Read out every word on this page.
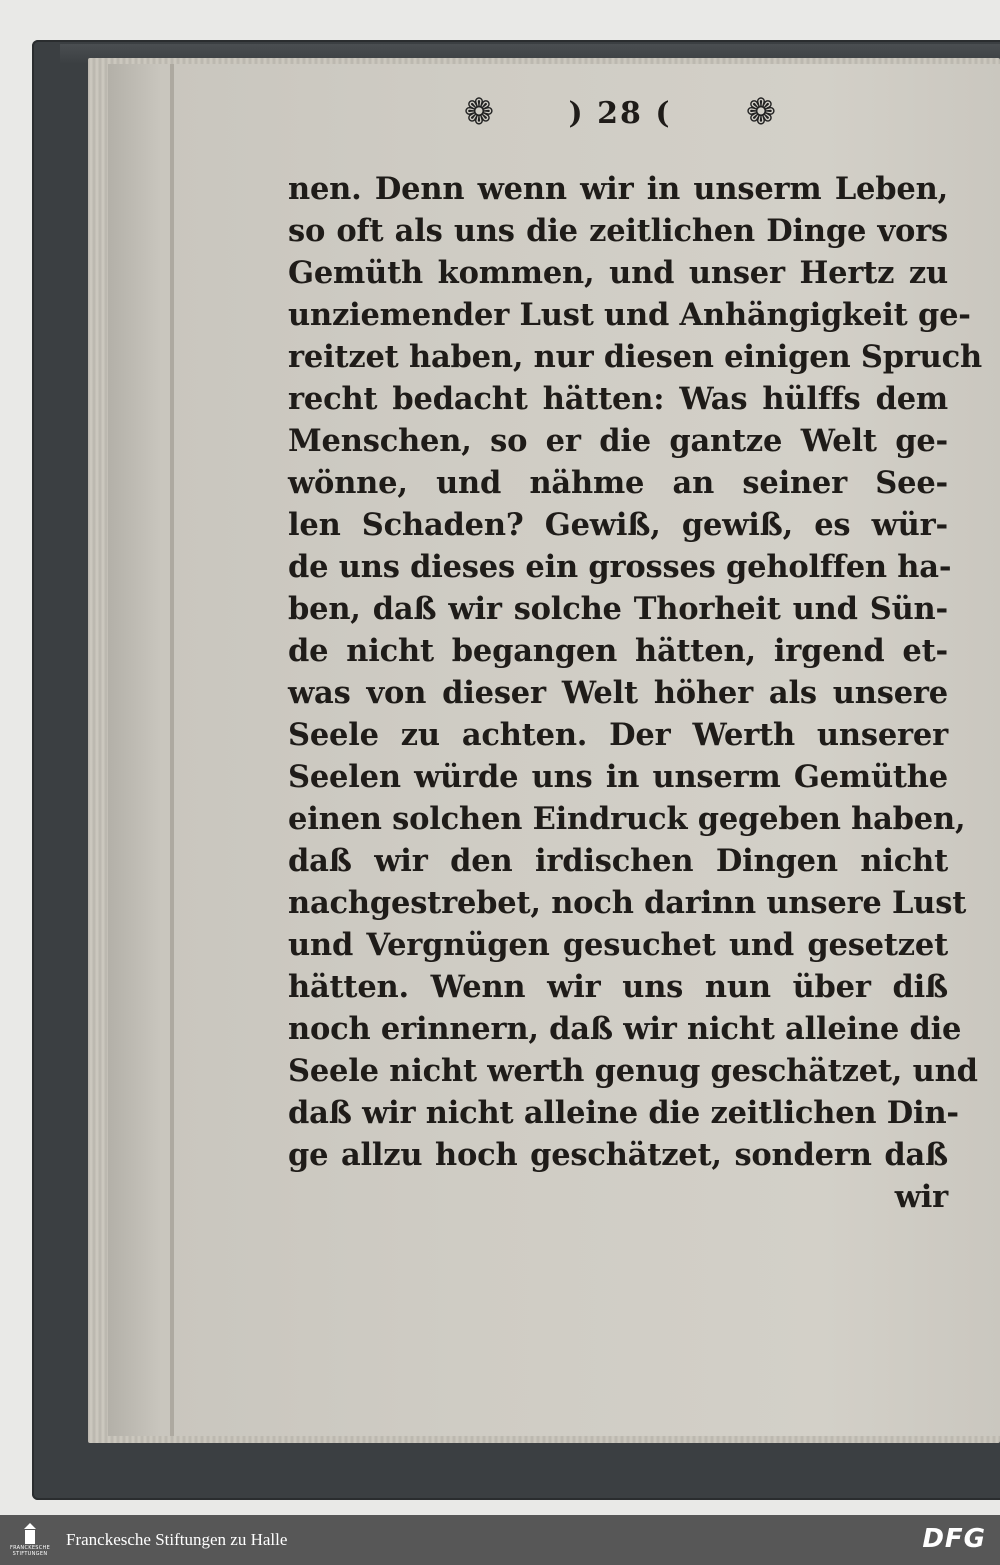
❁ ) 28 ( ❁
nen. Denn wenn wir in unserm Leben,
so oft als uns die zeitlichen Dinge vors
Gemüth kommen, und unser Hertz zu
unziemender Lust und Anhängigkeit ge-
reitzet haben, nur diesen einigen Spruch
recht bedacht hätten: Was hülffs dem
Menschen, so er die gantze Welt ge-
wönne, und nähme an seiner See-
len Schaden? Gewiß, gewiß, es wür-
de uns dieses ein grosses geholffen ha-
ben, daß wir solche Thorheit und Sün-
de nicht begangen hätten, irgend et-
was von dieser Welt höher als unsere
Seele zu achten. Der Werth unserer
Seelen würde uns in unserm Gemüthe
einen solchen Eindruck gegeben haben,
daß wir den irdischen Dingen nicht
nachgestrebet, noch darinn unsere Lust
und Vergnügen gesuchet und gesetzet
hätten. Wenn wir uns nun über diß
noch erinnern, daß wir nicht alleine die
Seele nicht werth genug geschätzet, und
daß wir nicht alleine die zeitlichen Din-
ge allzu hoch geschätzet, sondern daß
wir
FRANCKESCHE
STIFTUNGEN
Franckesche Stiftungen zu Halle	DFG
